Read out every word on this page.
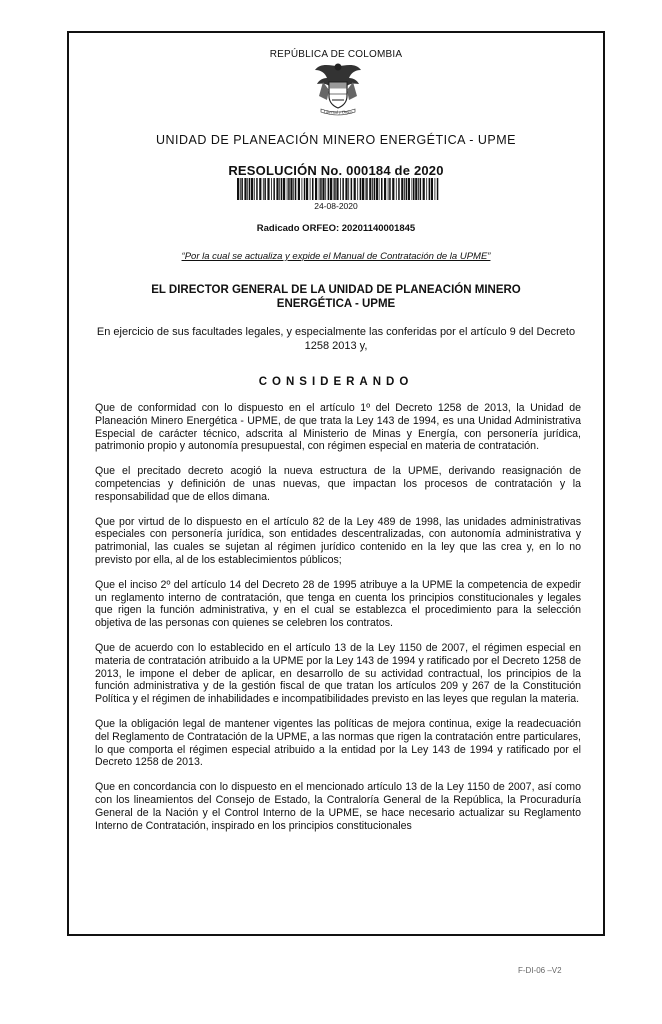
REPÚBLICA DE COLOMBIA
Libertad y Orden
UNIDAD DE PLANEACIÓN MINERO ENERGÉTICA - UPME
RESOLUCIÓN No. 000184 de 2020
24-08-2020
Radicado ORFEO: 20201140001845
“Por la cual se actualiza y expide el Manual de Contratación de la UPME”
EL DIRECTOR GENERAL DE LA UNIDAD DE PLANEACIÓN MINERO ENERGÉTICA - UPME
En ejercicio de sus facultades legales, y especialmente las conferidas por el artículo 9 del Decreto 1258 2013 y,
CONSIDERANDO

Que de conformidad con lo dispuesto en el artículo 1º del Decreto 1258 de 2013, la Unidad de Planeación Minero Energética - UPME, de que trata la Ley 143 de 1994, es una Unidad Administrativa Especial de carácter técnico, adscrita al Ministerio de Minas y Energía, con personería jurídica, patrimonio propio y autonomía presupuestal, con régimen especial en materia de contratación.

Que el precitado decreto acogió la nueva estructura de la UPME, derivando reasignación de competencias y definición de unas nuevas, que impactan los procesos de contratación y la responsabilidad que de ellos dimana.

Que por virtud de lo dispuesto en el artículo 82 de la Ley 489 de 1998, las unidades administrativas especiales con personería jurídica, son entidades descentralizadas, con autonomía administrativa y patrimonial, las cuales se sujetan al régimen jurídico contenido en la ley que las crea y, en lo no previsto por ella, al de los establecimientos públicos;

Que el inciso 2º del artículo 14 del Decreto 28 de 1995 atribuye a la UPME la competencia de expedir un reglamento interno de contratación, que tenga en cuenta los principios constitucionales y legales que rigen la función administrativa, y en el cual se establezca el procedimiento para la selección objetiva de las personas con quienes se celebren los contratos.

Que de acuerdo con lo establecido en el artículo 13 de la Ley 1150 de 2007, el régimen especial en materia de contratación atribuido a la UPME por la Ley 143 de 1994 y ratificado por el Decreto 1258 de 2013, le impone el deber de aplicar, en desarrollo de su actividad contractual, los principios de la función administrativa y de la gestión fiscal de que tratan los artículos 209 y 267 de la Constitución Política y el régimen de inhabilidades e incompatibilidades previsto en las leyes que regulan la materia.

Que la obligación legal de mantener vigentes las políticas de mejora continua, exige la readecuación del Reglamento de Contratación de la UPME, a las normas que rigen la contratación entre particulares, lo que comporta el régimen especial atribuido a la entidad por la Ley 143 de 1994 y ratificado por el Decreto 1258 de 2013.

Que en concordancia con lo dispuesto en el mencionado artículo 13 de la Ley 1150 de 2007, así como con los lineamientos del Consejo de Estado, la Contraloría General de la República, la Procuraduría General de la Nación y el Control Interno de la UPME, se hace necesario actualizar su Reglamento Interno de Contratación, inspirado en los principios constitucionales

F-DI-06 –V2
